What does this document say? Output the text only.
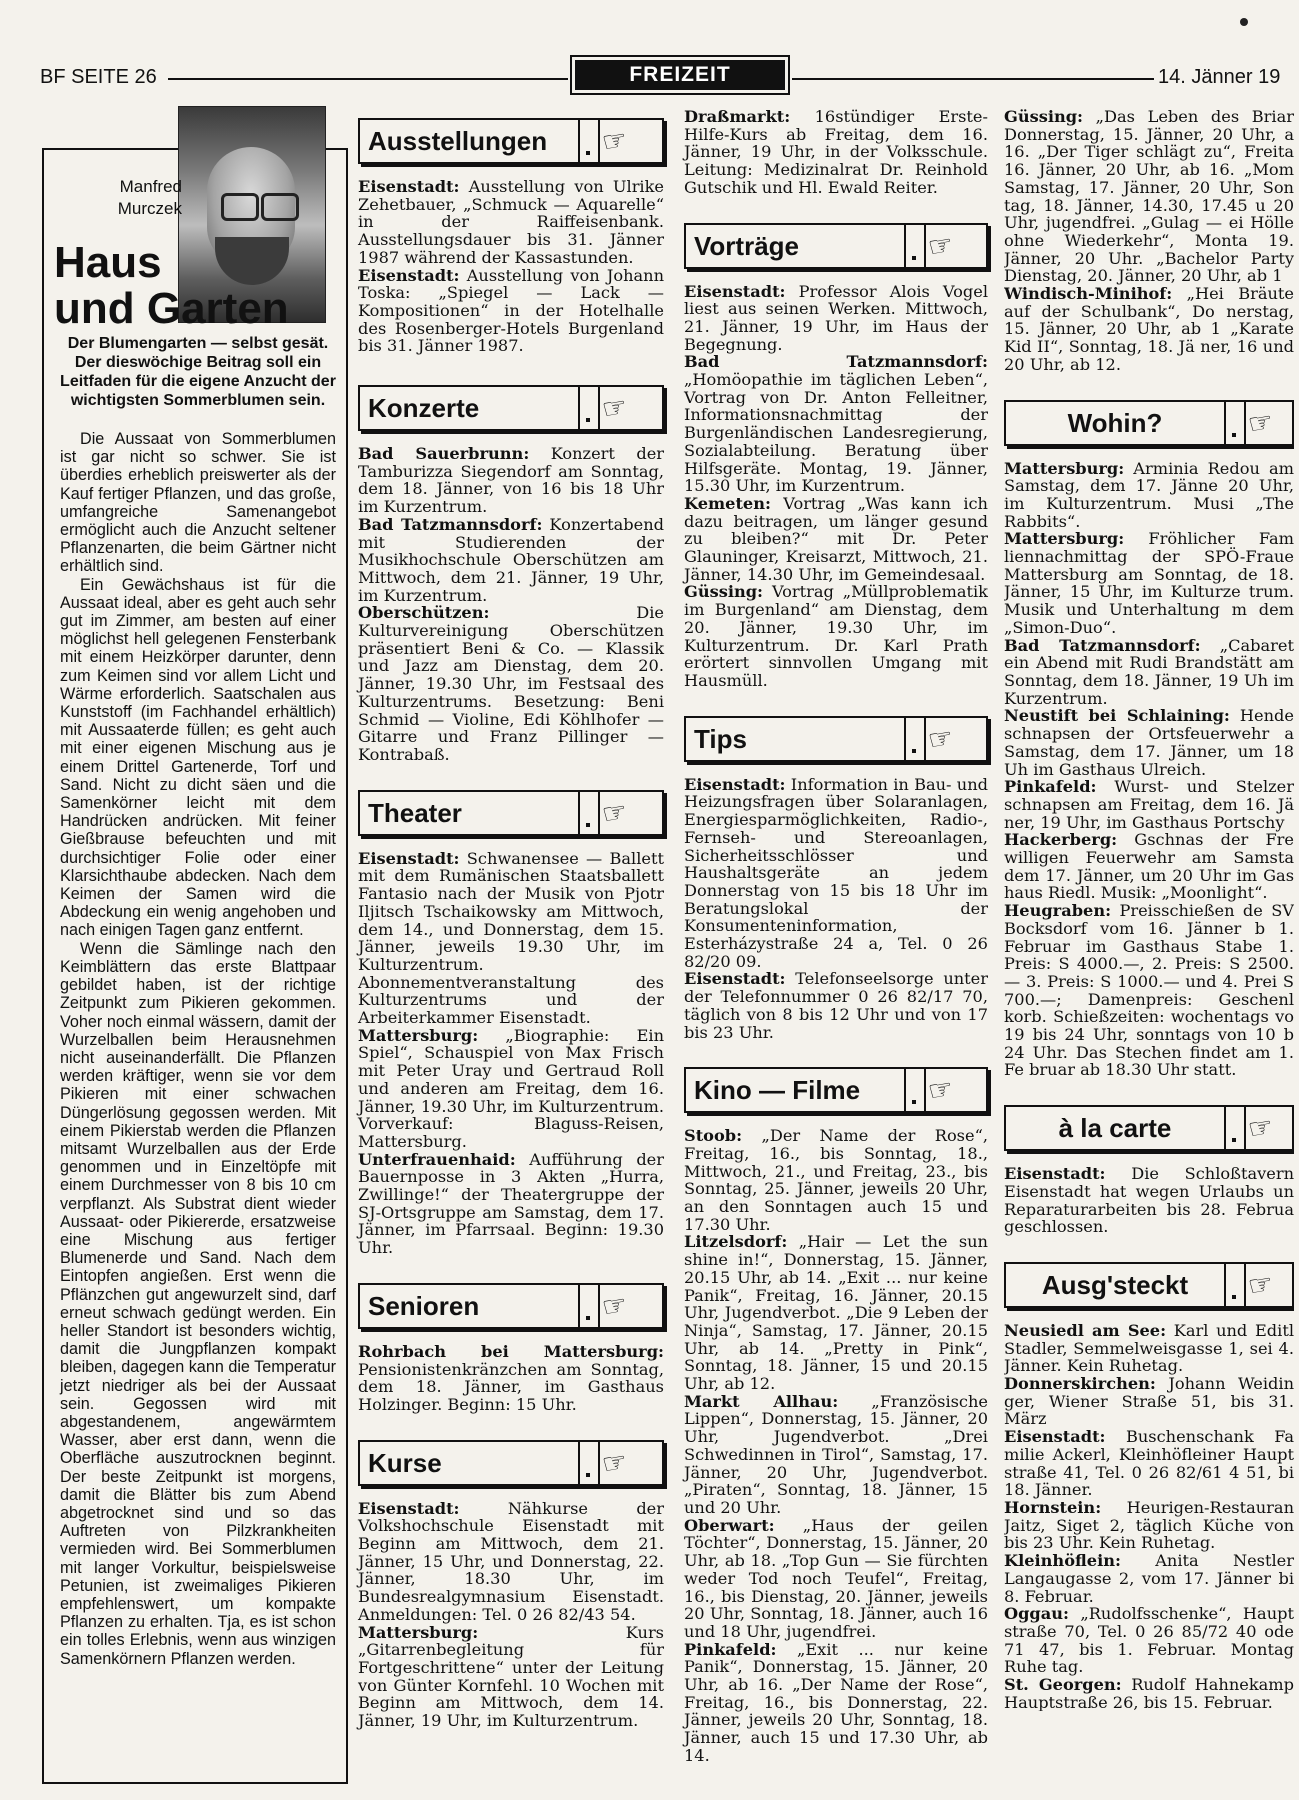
BF SEITE 26	FREIZEIT	14. Jänner 19
Manfred Murczek
Haus
und Garten
Der Blumengarten — selbst gesät. Der dieswöchige Beitrag soll ein Leitfaden für die eigene Anzucht der wichtigsten Sommerblumen sein.

Die Aussaat von Sommerblumen ist gar nicht so schwer. Sie ist überdies erheblich preiswerter als der Kauf fertiger Pflanzen, und das große, umfangreiche Samenangebot ermöglicht auch die Anzucht seltener Pflanzenarten, die beim Gärtner nicht erhältlich sind.

Ein Gewächshaus ist für die Aussaat ideal, aber es geht auch sehr gut im Zimmer, am besten auf einer möglichst hell gelegenen Fensterbank mit einem Heizkörper darunter, denn zum Keimen sind vor allem Licht und Wärme erforderlich. Saatschalen aus Kunststoff (im Fachhandel erhältlich) mit Aussaaterde füllen; es geht auch mit einer eigenen Mischung aus je einem Drittel Gartenerde, Torf und Sand. Nicht zu dicht säen und die Samenkörner leicht mit dem Handrücken andrücken. Mit feiner Gießbrause befeuchten und mit durchsichtiger Folie oder einer Klarsichthaube abdecken. Nach dem Keimen der Samen wird die Abdeckung ein wenig angehoben und nach einigen Tagen ganz entfernt.

Wenn die Sämlinge nach den Keimblättern das erste Blattpaar gebildet haben, ist der richtige Zeitpunkt zum Pikieren gekommen. Voher noch einmal wässern, damit der Wurzelballen beim Herausnehmen nicht auseinanderfällt. Die Pflanzen werden kräftiger, wenn sie vor dem Pikieren mit einer schwachen Düngerlösung gegossen werden. Mit einem Pikierstab werden die Pflanzen mitsamt Wurzelballen aus der Erde genommen und in Einzeltöpfe mit einem Durchmesser von 8 bis 10 cm verpflanzt. Als Substrat dient wieder Aussaat- oder Pikiererde, ersatzweise eine Mischung aus fertiger Blumenerde und Sand. Nach dem Eintopfen angießen. Erst wenn die Pflänzchen gut angewurzelt sind, darf erneut schwach gedüngt werden. Ein heller Standort ist besonders wichtig, damit die Jungpflanzen kompakt bleiben, dagegen kann die Temperatur jetzt niedriger als bei der Aussaat sein. Gegossen wird mit abgestandenem, angewärmtem Wasser, aber erst dann, wenn die Oberfläche auszutrocknen beginnt. Der beste Zeitpunkt ist morgens, damit die Blätter bis zum Abend abgetrocknet sind und so das Auftreten von Pilzkrankheiten vermieden wird. Bei Sommerblumen mit langer Vorkultur, beispielsweise Petunien, ist zweimaliges Pikieren empfehlenswert, um kompakte Pflanzen zu erhalten. Tja, es ist schon ein tolles Erlebnis, wenn aus winzigen Samenkörnern Pflanzen werden.

Ausstellungen	☞

Eisenstadt: Ausstellung von Ulrike Zehetbauer, „Schmuck — Aquarelle“ in der Raiffeisenbank. Ausstellungsdauer bis 31. Jänner 1987 während der Kassastunden.

Eisenstadt: Ausstellung von Johann Toska: „Spiegel — Lack — Kompositionen“ in der Hotelhalle des Rosenberger-Hotels Burgenland bis 31. Jänner 1987.

Konzerte	☞

Bad Sauerbrunn: Konzert der Tamburizza Siegendorf am Sonntag, dem 18. Jänner, von 16 bis 18 Uhr im Kurzentrum.

Bad Tatzmannsdorf: Konzertabend mit Studierenden der Musikhochschule Oberschützen am Mittwoch, dem 21. Jänner, 19 Uhr, im Kurzentrum.

Oberschützen: Die Kulturvereinigung Oberschützen präsentiert Beni & Co. — Klassik und Jazz am Dienstag, dem 20. Jänner, 19.30 Uhr, im Festsaal des Kulturzentrums. Besetzung: Beni Schmid — Violine, Edi Köhlhofer — Gitarre und Franz Pillinger — Kontrabaß.

Theater	☞

Eisenstadt: Schwanensee — Ballett mit dem Rumänischen Staatsballett Fantasio nach der Musik von Pjotr Iljitsch Tschaikowsky am Mittwoch, dem 14., und Donnerstag, dem 15. Jänner, jeweils 19.30 Uhr, im Kulturzentrum. Abonnementveranstaltung des Kulturzentrums und der Arbeiterkammer Eisenstadt.

Mattersburg: „Biographie: Ein Spiel“, Schauspiel von Max Frisch mit Peter Uray und Gertraud Roll und anderen am Freitag, dem 16. Jänner, 19.30 Uhr, im Kulturzentrum. Vorverkauf: Blaguss-Reisen, Mattersburg.

Unterfrauenhaid: Aufführung der Bauernposse in 3 Akten „Hurra, Zwillinge!“ der Theatergruppe der SJ-Ortsgruppe am Samstag, dem 17. Jänner, im Pfarrsaal. Beginn: 19.30 Uhr.

Senioren	☞

Rohrbach bei Mattersburg: Pensionistenkränzchen am Sonntag, dem 18. Jänner, im Gasthaus Holzinger. Beginn: 15 Uhr.

Kurse	☞

Eisenstadt: Nähkurse der Volkshochschule Eisenstadt mit Beginn am Mittwoch, dem 21. Jänner, 15 Uhr, und Donnerstag, 22. Jänner, 18.30 Uhr, im Bundesrealgymnasium Eisenstadt. Anmeldungen: Tel. 0 26 82/43 54.

Mattersburg: Kurs „Gitarrenbegleitung für Fortgeschrittene“ unter der Leitung von Günter Kornfehl. 10 Wochen mit Beginn am Mittwoch, dem 14. Jänner, 19 Uhr, im Kulturzentrum.

Draßmarkt: 16stündiger Erste-Hilfe-Kurs ab Freitag, dem 16. Jänner, 19 Uhr, in der Volksschule. Leitung: Medizinalrat Dr. Reinhold Gutschik und Hl. Ewald Reiter.

Vorträge	☞

Eisenstadt: Professor Alois Vogel liest aus seinen Werken. Mittwoch, 21. Jänner, 19 Uhr, im Haus der Begegnung.

Bad Tatzmannsdorf: „Homöopathie im täglichen Leben“, Vortrag von Dr. Anton Felleitner, Informationsnachmittag der Burgenländischen Landesregierung, Sozialabteilung. Beratung über Hilfsgeräte. Montag, 19. Jänner, 15.30 Uhr, im Kurzentrum.

Kemeten: Vortrag „Was kann ich dazu beitragen, um länger gesund zu bleiben?“ mit Dr. Peter Glauninger, Kreisarzt, Mittwoch, 21. Jänner, 14.30 Uhr, im Gemeindesaal.

Güssing: Vortrag „Müllproblematik im Burgenland“ am Dienstag, dem 20. Jänner, 19.30 Uhr, im Kulturzentrum. Dr. Karl Prath erörtert sinnvollen Umgang mit Hausmüll.

Tips	☞

Eisenstadt: Information in Bau- und Heizungsfragen über Solaranlagen, Energiesparmöglichkeiten, Radio-, Fernseh- und Stereoanlagen, Sicherheitsschlösser und Haushaltsgeräte an jedem Donnerstag von 15 bis 18 Uhr im Beratungslokal der Konsumenteninformation, Esterházystraße 24 a, Tel. 0 26 82/20 09.

Eisenstadt: Telefonseelsorge unter der Telefonnummer 0 26 82/17 70, täglich von 8 bis 12 Uhr und von 17 bis 23 Uhr.

Kino — Filme	☞

Stoob: „Der Name der Rose“, Freitag, 16., bis Sonntag, 18., Mittwoch, 21., und Freitag, 23., bis Sonntag, 25. Jänner, jeweils 20 Uhr, an den Sonntagen auch 15 und 17.30 Uhr.

Litzelsdorf: „Hair — Let the sun shine in!“, Donnerstag, 15. Jänner, 20.15 Uhr, ab 14. „Exit ... nur keine Panik“, Freitag, 16. Jänner, 20.15 Uhr, Jugendverbot. „Die 9 Leben der Ninja“, Samstag, 17. Jänner, 20.15 Uhr, ab 14. „Pretty in Pink“, Sonntag, 18. Jänner, 15 und 20.15 Uhr, ab 12.

Markt Allhau: „Französische Lippen“, Donnerstag, 15. Jänner, 20 Uhr, Jugendverbot. „Drei Schwedinnen in Tirol“, Samstag, 17. Jänner, 20 Uhr, Jugendverbot. „Piraten“, Sonntag, 18. Jänner, 15 und 20 Uhr.

Oberwart: „Haus der geilen Töchter“, Donnerstag, 15. Jänner, 20 Uhr, ab 18. „Top Gun — Sie fürchten weder Tod noch Teufel“, Freitag, 16., bis Dienstag, 20. Jänner, jeweils 20 Uhr, Sonntag, 18. Jänner, auch 16 und 18 Uhr, jugendfrei.

Pinkafeld: „Exit ... nur keine Panik“, Donnerstag, 15. Jänner, 20 Uhr, ab 16. „Der Name der Rose“, Freitag, 16., bis Donnerstag, 22. Jänner, jeweils 20 Uhr, Sonntag, 18. Jänner, auch 15 und 17.30 Uhr, ab 14.

Güssing: „Das Leben des Briar Donnerstag, 15. Jänner, 20 Uhr, a 16. „Der Tiger schlägt zu“, Freita 16. Jänner, 20 Uhr, ab 16. „Mom Samstag, 17. Jänner, 20 Uhr, Son tag, 18. Jänner, 14.30, 17.45 u 20 Uhr, jugendfrei. „Gulag — ei Hölle ohne Wiederkehr“, Monta 19. Jänner, 20 Uhr. „Bachelor Party Dienstag, 20. Jänner, 20 Uhr, ab 1

Windisch-Minihof: „Hei Bräute auf der Schulbank“, Do nerstag, 15. Jänner, 20 Uhr, ab 1 „Karate Kid II“, Sonntag, 18. Jä ner, 16 und 20 Uhr, ab 12.

Wohin?	☞

Mattersburg: Arminia Redou am Samstag, dem 17. Jänne 20 Uhr, im Kulturzentrum. Musi „The Rabbits“.

Mattersburg: Fröhlicher Fam liennachmittag der SPÖ-Fraue Mattersburg am Sonntag, de 18. Jänner, 15 Uhr, im Kulturze trum. Musik und Unterhaltung m dem „Simon-Duo“.

Bad Tatzmannsdorf: „Cabaret ein Abend mit Rudi Brandstätt am Sonntag, dem 18. Jänner, 19 Uh im Kurzentrum.

Neustift bei Schlaining: Hende schnapsen der Ortsfeuerwehr a Samstag, dem 17. Jänner, um 18 Uh im Gasthaus Ulreich.

Pinkafeld: Wurst- und Stelzer schnapsen am Freitag, dem 16. Jä ner, 19 Uhr, im Gasthaus Portschy

Hackerberg: Gschnas der Fre willigen Feuerwehr am Samsta dem 17. Jänner, um 20 Uhr im Gas haus Riedl. Musik: „Moonlight“.

Heugraben: Preisschießen de SV Bocksdorf vom 16. Jänner b 1. Februar im Gasthaus Stabe 1. Preis: S 4000.—, 2. Preis: S 2500.— 3. Preis: S 1000.— und 4. Prei S 700.—; Damenpreis: Geschenl korb. Schießzeiten: wochentags vo 19 bis 24 Uhr, sonntags von 10 b 24 Uhr. Das Stechen findet am 1. Fe bruar ab 18.30 Uhr statt.

à la carte	☞

Eisenstadt: Die Schloßtavern Eisenstadt hat wegen Urlaubs un Reparaturarbeiten bis 28. Februa geschlossen.

Ausg'steckt	☞

Neusiedl am See: Karl und Editl Stadler, Semmelweisgasse 1, sei 4. Jänner. Kein Ruhetag.

Donnerskirchen: Johann Weidin ger, Wiener Straße 51, bis 31. März

Eisenstadt: Buschenschank Fa milie Ackerl, Kleinhöfleiner Haupt straße 41, Tel. 0 26 82/61 4 51, bi 18. Jänner.

Hornstein: Heurigen-Restauran Jaitz, Siget 2, täglich Küche von bis 23 Uhr. Kein Ruhetag.

Kleinhöflein: Anita Nestler Langaugasse 2, vom 17. Jänner bi 8. Februar.

Oggau: „Rudolfsschenke“, Haupt straße 70, Tel. 0 26 85/72 40 ode 71 47, bis 1. Februar. Montag Ruhe tag.

St. Georgen: Rudolf Hahnekamp Hauptstraße 26, bis 15. Februar.
